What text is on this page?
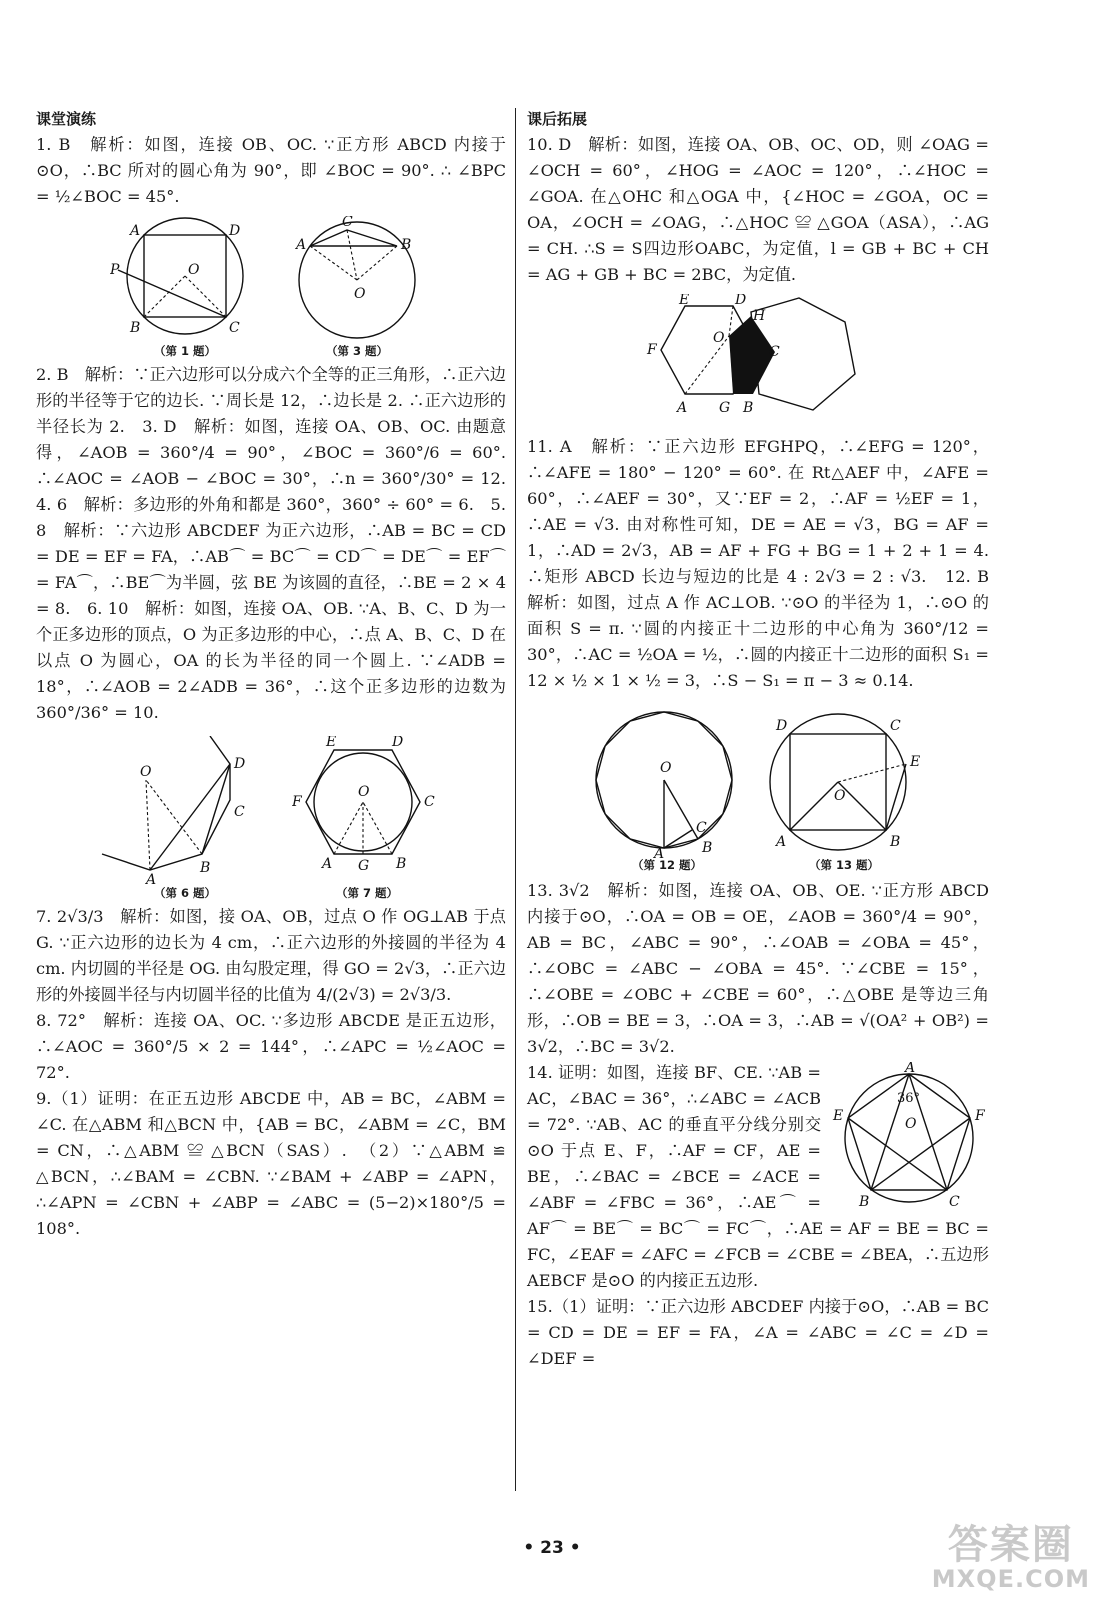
课堂演练

1. B　解析：如图，连接 OB、OC. ∵正方形 ABCD 内接于⊙O，∴BC 所对的圆心角为 90°，即 ∠BOC = 90°. ∴ ∠BPC = ½∠BOC = 45°.

A	D
P	O
B	C
（第 1 题）
A
C
B
O
（第 3 题）

2. B　解析：∵正六边形可以分成六个全等的正三角形，∴正六边形的半径等于它的边长. ∵周长是 12，∴边长是 2. ∴正六边形的半径长为 2.　3. D　解析：如图，连接 OA、OB、OC. 由题意得，∠AOB = 360°/4 = 90°，∠BOC = 360°/6 = 60°. ∴∠AOC = ∠AOB − ∠BOC = 30°，∴n = 360°/30° = 12.　4. 6　解析：多边形的外角和都是 360°，360° ÷ 60° = 6.　5. 8　解析：∵六边形 ABCDEF 为正六边形，∴AB = BC = CD = DE = EF = FA，∴AB⌒ = BC⌒ = CD⌒ = DE⌒ = EF⌒ = FA⌒，∴BE⌒为半圆，弦 BE 为该圆的直径，∴BE = 2 × 4 = 8.　6. 10　解析：如图，连接 OA、OB. ∵A、B、C、D 为一个正多边形的顶点，O 为正多边形的中心，∴点 A、B、C、D 在以点 O 为圆心，OA 的长为半径的同一个圆上. ∵∠ADB = 18°，∴∠AOB = 2∠ADB = 36°，∴这个正多边形的边数为 360°/36° = 10.

O	D
C
B
A
（第 6 题）
E	D
F	C
O
A G B
（第 7 题）

7. 2√3/3　解析：如图，接 OA、OB，过点 O 作 OG⊥AB 于点 G. ∵正六边形的边长为 4 cm，∴正六边形的外接圆的半径为 4 cm. 内切圆的半径是 OG. 由勾股定理，得 GO = 2√3，∴正六边形的外接圆半径与内切圆半径的比值为 4/(2√3) = 2√3/3.

8. 72°　解析：连接 OA、OC. ∵多边形 ABCDE 是正五边形，∴∠AOC = 360°/5 × 2 = 144°，∴∠APC = ½∠AOC = 72°.

9.（1）证明：在正五边形 ABCDE 中，AB = BC，∠ABM = ∠C. 在△ABM 和△BCN 中，{AB = BC，∠ABM = ∠C，BM = CN，∴△ABM ≌ △BCN（SAS）.　（2）∵△ABM ≌ △BCN，∴∠BAM = ∠CBN. ∵∠BAM + ∠ABP = ∠APN，∴∠APN = ∠CBN + ∠ABP = ∠ABC = (5−2)×180°/5 = 108°.

课后拓展

10. D　解析：如图，连接 OA、OB、OC、OD，则 ∠OAG = ∠OCH = 60°，∠HOG = ∠AOC = 120°，∴∠HOC = ∠GOA. 在△OHC 和△OGA 中，{∠HOC = ∠GOA，OC = OA，∠OCH = ∠OAG，∴△HOC ≌ △GOA（ASA），∴AG = CH. ∴S = S四边形OABC，为定值，l = GB + BC + CH = AG + GB + BC = 2BC，为定值.

E	D
H
F
O
C
A G B

11. A　解析：∵正六边形 EFGHPQ，∴∠EFG = 120°，∴∠AFE = 180° − 120° = 60°. 在 Rt△AEF 中，∠AFE = 60°，∴∠AEF = 30°，又∵EF = 2，∴AF = ½EF = 1，∴AE = √3. 由对称性可知，DE = AE = √3，BG = AF = 1，∴AD = 2√3，AB = AF + FG + BG = 1 + 2 + 1 = 4. ∴矩形 ABCD 长边与短边的比是 4 : 2√3 = 2 : √3.　12. B　解析：如图，过点 A 作 AC⊥OB. ∵⊙O 的半径为 1，∴⊙O 的面积 S = π. ∵圆的内接正十二边形的中心角为 360°/12 = 30°，∴AC = ½OA = ½，∴圆的内接正十二边形的面积 S₁ = 12 × ½ × 1 × ½ = 3，∴S − S₁ = π − 3 ≈ 0.14.

O
C
A	B
（第 12 题）
D	C
E
O
A	B
（第 13 题）

13. 3√2　解析：如图，连接 OA、OB、OE. ∵正方形 ABCD 内接于⊙O，∴OA = OB = OE，∠AOB = 360°/4 = 90°，AB = BC，∠ABC = 90°，∴∠OAB = ∠OBA = 45°，∴∠OBC = ∠ABC − ∠OBA = 45°. ∵∠CBE = 15°，∴∠OBE = ∠OBC + ∠CBE = 60°，∴△OBE 是等边三角形，∴OB = BE = 3，∴OA = 3，∴AB = √(OA² + OB²) = 3√2，∴BC = 3√2.

A
36°
O
E	F
B	C

14. 证明：如图，连接 BF、CE. ∵AB = AC，∠BAC = 36°，∴∠ABC = ∠ACB = 72°. ∵AB、AC 的垂直平分线分别交⊙O 于点 E、F，∴AF = CF，AE = BE，∴∠BAC = ∠BCE = ∠ACE = ∠ABF = ∠FBC = 36°，∴AE⌒ = AF⌒ = BE⌒ = BC⌒ = FC⌒，∴AE = AF = BE = BC = FC，∠EAF = ∠AFC = ∠FCB = ∠CBE = ∠BEA，∴五边形 AEBCF 是⊙O 的内接正五边形.

15.（1）证明：∵正六边形 ABCDEF 内接于⊙O，∴AB = BC = CD = DE = EF = FA，∠A = ∠ABC = ∠C = ∠D = ∠DEF =

• 23 •	答案圈
MXQE.COM
